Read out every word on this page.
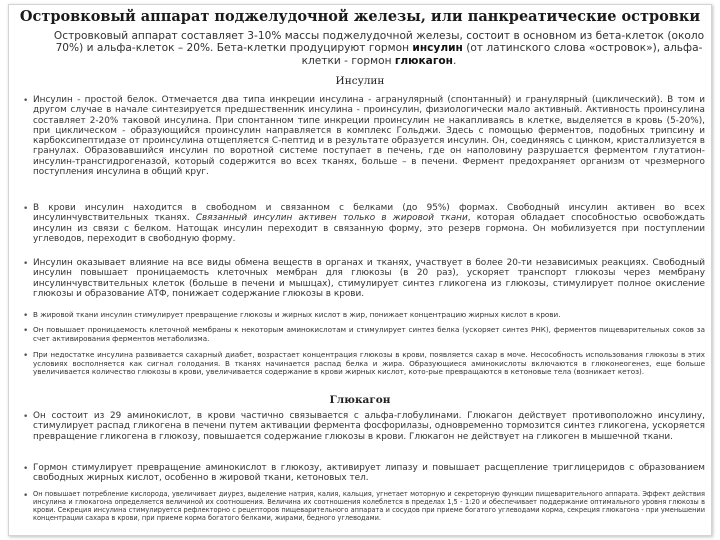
Островковый аппарат поджелудочной железы, или панкреатические островки
Островковый аппарат составляет 3-10% массы поджелудочной железы, состоит в основном из бета-клеток (около 70%) и альфа-клеток – 20%. Бета-клетки продуцируют гормон инсулин (от латинского слова «островок»), альфа-клетки - гормон глюкагон.
Инсулин
• Инсулин - простой белок. Отмечается два типа инкреции инсулина - агрануляpный (спонтанный) и гpануляpный (циклический). В том и другом случае в начале синтезируется предшественник инсулина - проинсулин, физиологически мало активный. Активность проинсулина составляет 2-20% таковой инсулина. При спонтанном типе инкреции проинсулин не накапливаясь в клетке, выделяется в кровь (5-20%), при циклическом - образующийся проинсулин направляется в комплекс Гольджи. Здесь с помощью ферментов, подобных трипсину и карбоксипептидазе от проинсулина отщепляется С-пептид и в результате образуется инсулин. Он, соединяясь с цинком, кристаллизуется в гранулах. Образовавшийся инсулин по воротной системе поступает в печень, где он наполовину разрушается ферментом глутатион-инсулин-трансгидрогеназой, который содержится во всех тканях, больше – в печени. Фермент предохраняет организм от чрезмерного поступления инсулина в общий круг.

• В крови инсулин находится в свободном и связанном с белками (до 95%) формах. Свободный инсулин активен во всех инсулинчувствительных тканях. Связанный инсулин активен только в жировой ткани, которая обладает способностью освобождать инсулин из связи с белком. Натощак инсулин переходит в связанную форму, это резерв гормона. Он мобилизуется при поступлении углеводов, переходит в свободную форму.

• Инсулин оказывает влияние на все виды обмена веществ в органах и тканях, участвует в более 20-ти независимых реакциях. Свободный инсулин повышает проницаемость клеточных мембран для глюкозы (в 20 раз), ускоряет транспорт глюкозы через мембрану инсулинчувствительных клеток (больше в печени и мышцах), стимулирует синтез гликогена из глюкозы, стимулирует полное окисление глюкозы и образование АТФ, понижает содержание глюкозы в крови.

• В жировой ткани инсулин стимулирует превращение глюкозы и жирных кислот в жир, понижает концентрацию жирных кислот в крови.

• Он повышает проницаемость клеточной мембраны к некоторым аминокислотам и стимулирует синтез белка (ускоряет синтез РНК), ферментов пищеварительных соков за счет активирования ферментов метаболизма.

• При недостатке инсулина развивается сахарный диабет, возрастает концентрация глюкозы в крови, появляется сахар в моче. Несособность использования глюкозы в этих условиях восполняется как сигнал голодания. В тканях начинается распад белка и жира. Образующиеся аминокислоты включаются в глюконеогенез, еще больше увеличивается количество глюкозы в крови, увеличивается содержание в крови жирных кислот, кото-рые превращаются в кетоновые тела (возникает кетоз).

Глюкагон
• Он состоит из 29 аминокислот, в крови частично связывается с альфа-глобулинами. Глюкагон действует противоположно инсулину, стимулирует распад гликогена в печени путем активации фермента фосфорилазы, одновременно тормозится синтез гликогена, ускоряется превращение гликогена в глюкозу, повышается содержание глюкозы в крови. Глюкагон не действует на гликоген в мышечной ткани.

• Гормон стимулирует превращение аминокислот в глюкозу, активирует липазу и повышает расщепление триглицеридов с образованием свободных жирных кислот, особенно в жировой ткани, кетоновых тел.

• Он повышает потребление кислорода, увеличивает диурез, выделение натрия, калия, кальция, угнетает моторную и секреторную функции пищеварительного аппарата. Эффект действия инсулина и глюкагона определяется величиной их соотношения. Величина их соотношения колеблется в пределах 1,5 - 1:20 и обеспечивает поддержание оптимального уровня глюкозы в крови. Секреция инсулина стимулируется рефлекторно с рецепторов пищеварительного аппарата и сосудов при приеме богатого углеводами корма, секреция глюкагона - при уменьшении концентрации сахара в крови, при приеме корма богатого белками, жирами, бедного углеводами.
